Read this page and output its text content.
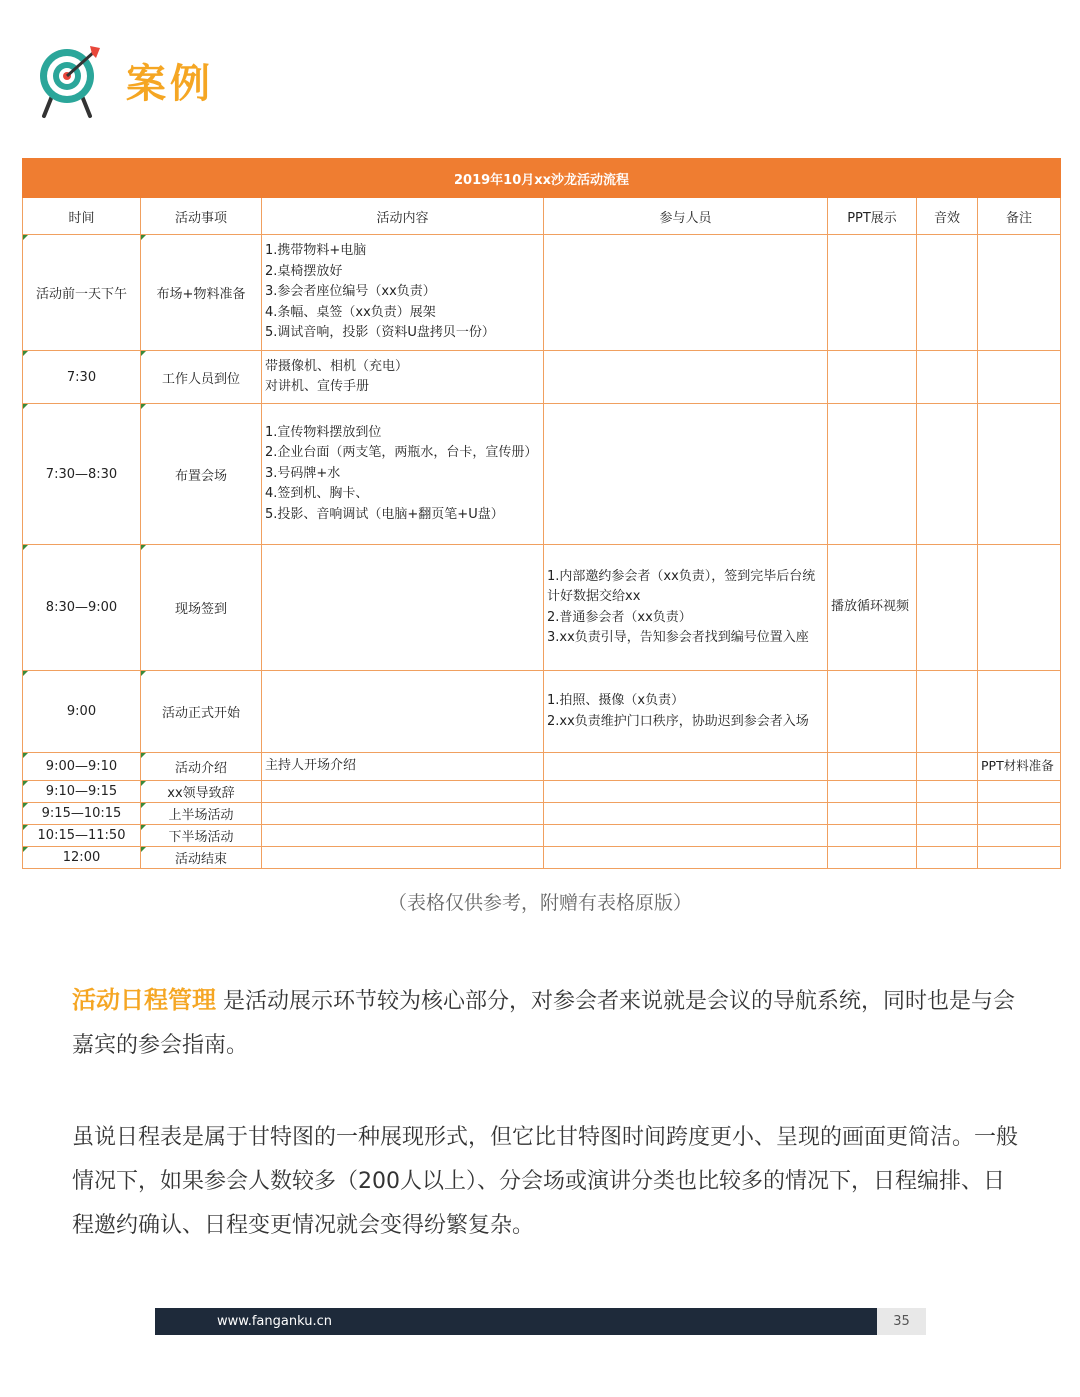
案例
2019年10月xx沙龙活动流程						
时间	活动事项	活动内容	参与人员	PPT展示	音效	备注
活动前一天下午	布场+物料准备	1.携带物料+电脑
2.桌椅摆放好
3.参会者座位编号（xx负责）
4.条幅、桌签（xx负责）展架
5.调试音响，投影（资料U盘拷贝一份）				
7:30	工作人员到位	带摄像机、相机（充电）
对讲机、宣传手册				
7:30—8:30	布置会场	1.宣传物料摆放到位
2.企业台面（两支笔，两瓶水，台卡，宣传册）
3.号码牌+水
4.签到机、胸卡、
5.投影、音响调试（电脑+翻页笔+U盘）				
8:30—9:00	现场签到		1.内部邀约参会者（xx负责），签到完毕后台统计好数据交给xx
2.普通参会者（xx负责）
3.xx负责引导，告知参会者找到编号位置入座	播放循环视频		
9:00	活动正式开始		1.拍照、摄像（x负责）
2.xx负责维护门口秩序，协助迟到参会者入场			
9:00—9:10	活动介绍	主持人开场介绍				PPT材料准备
9:10—9:15	xx领导致辞					
9:15—10:15	上半场活动					
10:15—11:50	下半场活动					
12:00	活动结束					
（表格仅供参考，附赠有表格原版）
活动日程管理 是活动展示环节较为核心部分，对参会者来说就是会议的导航系统，同时也是与会嘉宾的参会指南。
虽说日程表是属于甘特图的一种展现形式，但它比甘特图时间跨度更小、呈现的画面更简洁。一般情况下，如果参会人数较多（200人以上）、分会场或演讲分类也比较多的情况下，日程编排、日程邀约确认、日程变更情况就会变得纷繁复杂。
www.fanganku.cn	35
